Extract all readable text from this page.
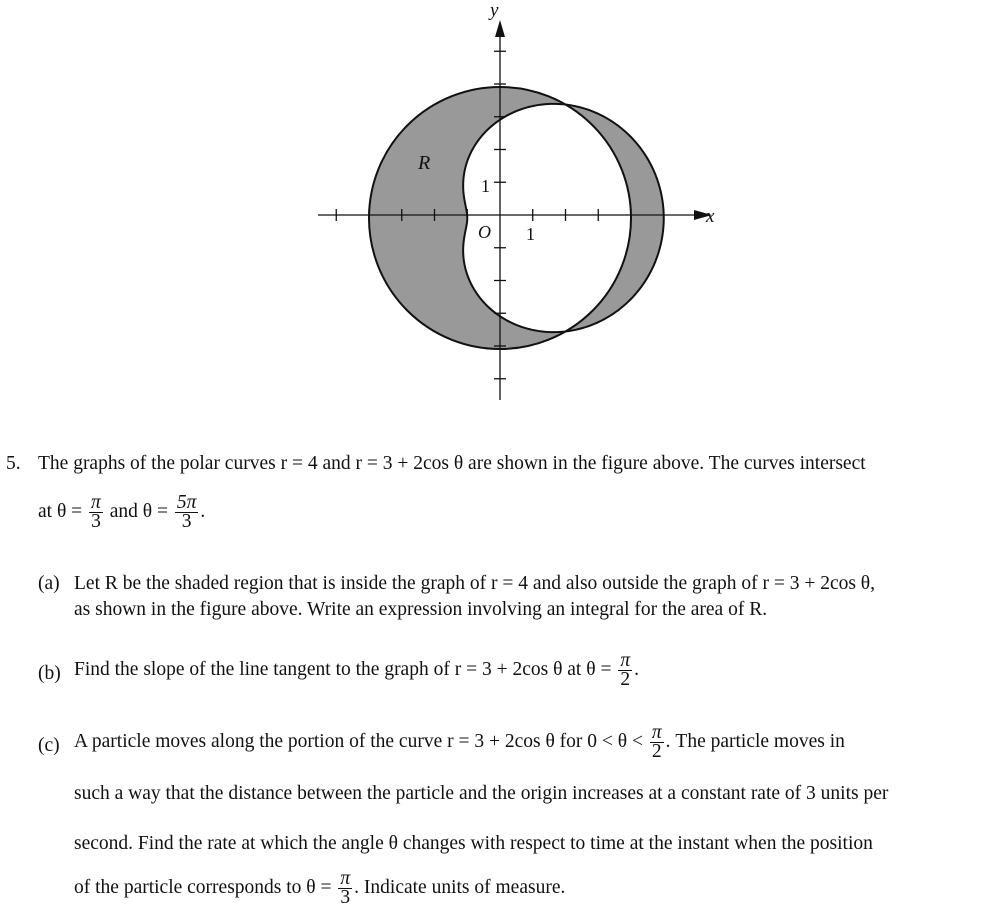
y
x
O 1
1
R
5. The graphs of the polar curves r = 4 and r = 3 + 2cos θ are shown in the figure above. The curves intersect
at $\theta = \frac{\pi}{3}$ and $\theta = \frac{5\pi}{3}$ .
(a) Let R be the shaded region that is inside the graph of r = 4 and also outside the graph of r = 3 + 2cos θ,
as shown in the figure above. Write an expression involving an integral for the area of R.
(b) Find the slope of the line tangent to the graph of r = 3 + 2cos θ at $\theta = \frac{\pi}{2}$ .
(c) A particle moves along the portion of the curve r = 3 + 2cos θ for $0 < \theta < \frac{\pi}{2}$ . The particle moves in
such a way that the distance between the particle and the origin increases at a constant rate of 3 units per
second. Find the rate at which the angle θ changes with respect to time at the instant when the position
of the particle corresponds to $\theta = \frac{\pi}{3}$ . Indicate units of measure.
